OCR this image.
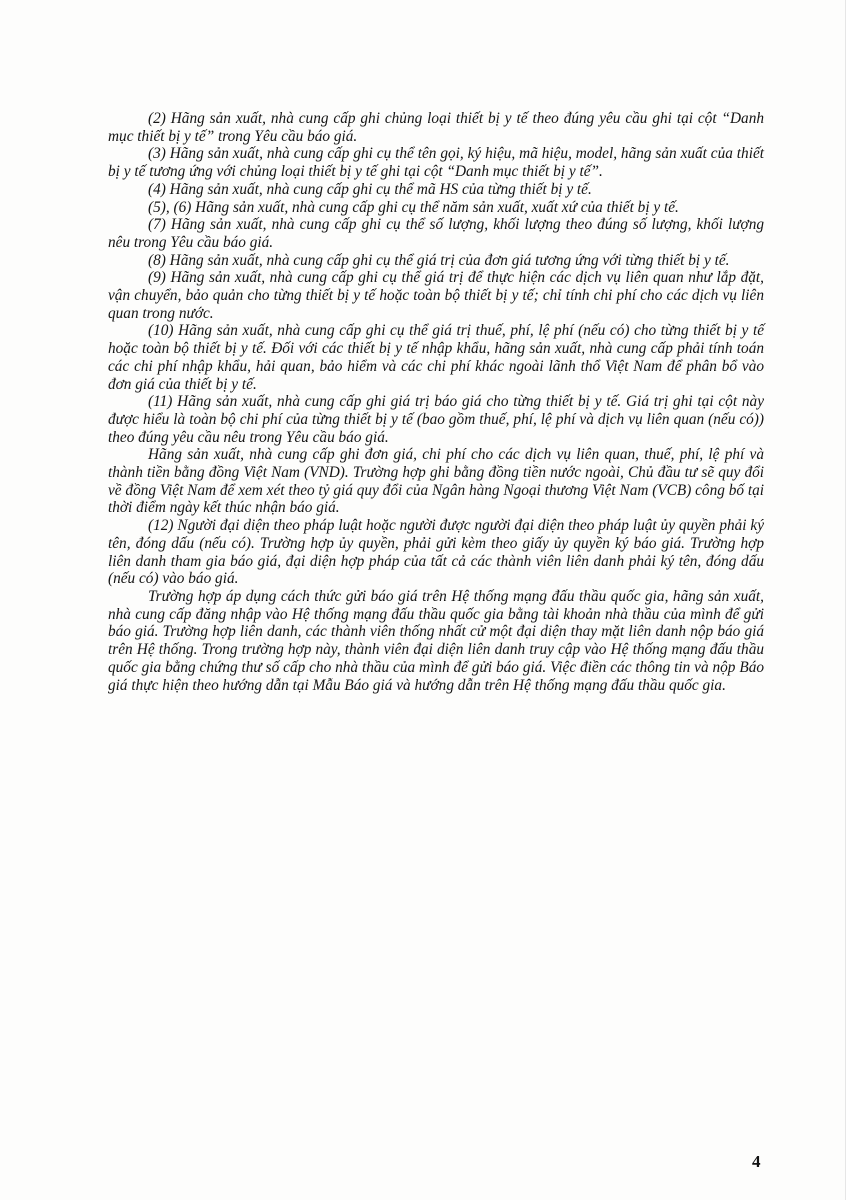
(2) Hãng sản xuất, nhà cung cấp ghi chủng loại thiết bị y tế theo đúng yêu cầu ghi tại cột “Danh mục thiết bị y tế” trong Yêu cầu báo giá.

(3) Hãng sản xuất, nhà cung cấp ghi cụ thể tên gọi, ký hiệu, mã hiệu, model, hãng sản xuất của thiết bị y tế tương ứng với chủng loại thiết bị y tế ghi tại cột “Danh mục thiết bị y tế”.

(4) Hãng sản xuất, nhà cung cấp ghi cụ thể mã HS của từng thiết bị y tế.

(5), (6) Hãng sản xuất, nhà cung cấp ghi cụ thể năm sản xuất, xuất xứ của thiết bị y tế.

(7) Hãng sản xuất, nhà cung cấp ghi cụ thể số lượng, khối lượng theo đúng số lượng, khối lượng nêu trong Yêu cầu báo giá.

(8) Hãng sản xuất, nhà cung cấp ghi cụ thể giá trị của đơn giá tương ứng với từng thiết bị y tế.

(9) Hãng sản xuất, nhà cung cấp ghi cụ thể giá trị để thực hiện các dịch vụ liên quan như lắp đặt, vận chuyển, bảo quản cho từng thiết bị y tế hoặc toàn bộ thiết bị y tế; chỉ tính chi phí cho các dịch vụ liên quan trong nước.

(10) Hãng sản xuất, nhà cung cấp ghi cụ thể giá trị thuế, phí, lệ phí (nếu có) cho từng thiết bị y tế hoặc toàn bộ thiết bị y tế. Đối với các thiết bị y tế nhập khẩu, hãng sản xuất, nhà cung cấp phải tính toán các chi phí nhập khẩu, hải quan, bảo hiểm và các chi phí khác ngoài lãnh thổ Việt Nam để phân bổ vào đơn giá của thiết bị y tế.

(11) Hãng sản xuất, nhà cung cấp ghi giá trị báo giá cho từng thiết bị y tế. Giá trị ghi tại cột này được hiểu là toàn bộ chi phí của từng thiết bị y tế (bao gồm thuế, phí, lệ phí và dịch vụ liên quan (nếu có)) theo đúng yêu cầu nêu trong Yêu cầu báo giá.

Hãng sản xuất, nhà cung cấp ghi đơn giá, chi phí cho các dịch vụ liên quan, thuế, phí, lệ phí và thành tiền bằng đồng Việt Nam (VND). Trường hợp ghi bằng đồng tiền nước ngoài, Chủ đầu tư sẽ quy đổi về đồng Việt Nam để xem xét theo tỷ giá quy đổi của Ngân hàng Ngoại thương Việt Nam (VCB) công bố tại thời điểm ngày kết thúc nhận báo giá.

(12) Người đại diện theo pháp luật hoặc người được người đại diện theo pháp luật ủy quyền phải ký tên, đóng dấu (nếu có). Trường hợp ủy quyền, phải gửi kèm theo giấy ủy quyền ký báo giá. Trường hợp liên danh tham gia báo giá, đại diện hợp pháp của tất cả các thành viên liên danh phải ký tên, đóng dấu (nếu có) vào báo giá.

Trường hợp áp dụng cách thức gửi báo giá trên Hệ thống mạng đấu thầu quốc gia, hãng sản xuất, nhà cung cấp đăng nhập vào Hệ thống mạng đấu thầu quốc gia bằng tài khoản nhà thầu của mình để gửi báo giá. Trường hợp liên danh, các thành viên thống nhất cử một đại diện thay mặt liên danh nộp báo giá trên Hệ thống. Trong trường hợp này, thành viên đại diện liên danh truy cập vào Hệ thống mạng đấu thầu quốc gia bằng chứng thư số cấp cho nhà thầu của mình để gửi báo giá. Việc điền các thông tin và nộp Báo giá thực hiện theo hướng dẫn tại Mẫu Báo giá và hướng dẫn trên Hệ thống mạng đấu thầu quốc gia.

4
